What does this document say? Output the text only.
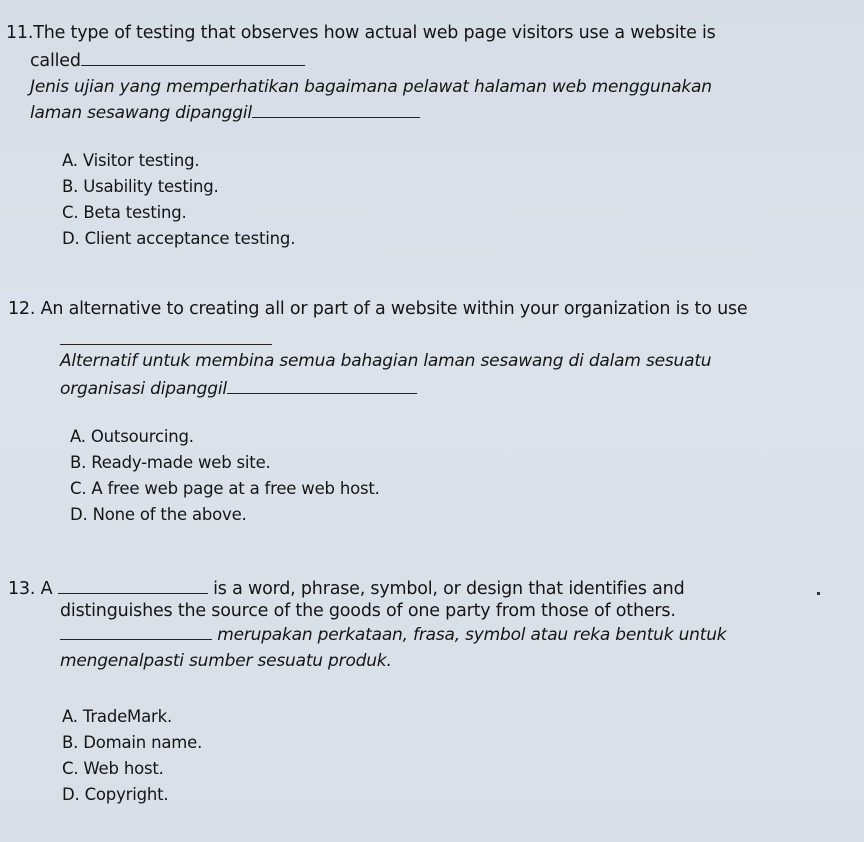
11.The type of testing that observes how actual web page visitors use a website is
called
Jenis ujian yang memperhatikan bagaimana pelawat halaman web menggunakan
laman sesawang dipanggil
A. Visitor testing.
B. Usability testing.
C. Beta testing.
D. Client acceptance testing.
12. An alternative to creating all or part of a website within your organization is to use
Alternatif untuk membina semua bahagian laman sesawang di dalam sesuatu
organisasi dipanggil
A. Outsourcing.
B. Ready-made web site.
C. A free web page at a free web host.
D. None of the above.
13. A	is a word, phrase, symbol, or design that identifies and
distinguishes the source of the goods of one party from those of others.
merupakan perkataan, frasa, symbol atau reka bentuk untuk
mengenalpasti sumber sesuatu produk.
A. TradeMark.
B. Domain name.
C. Web host.
D. Copyright.
